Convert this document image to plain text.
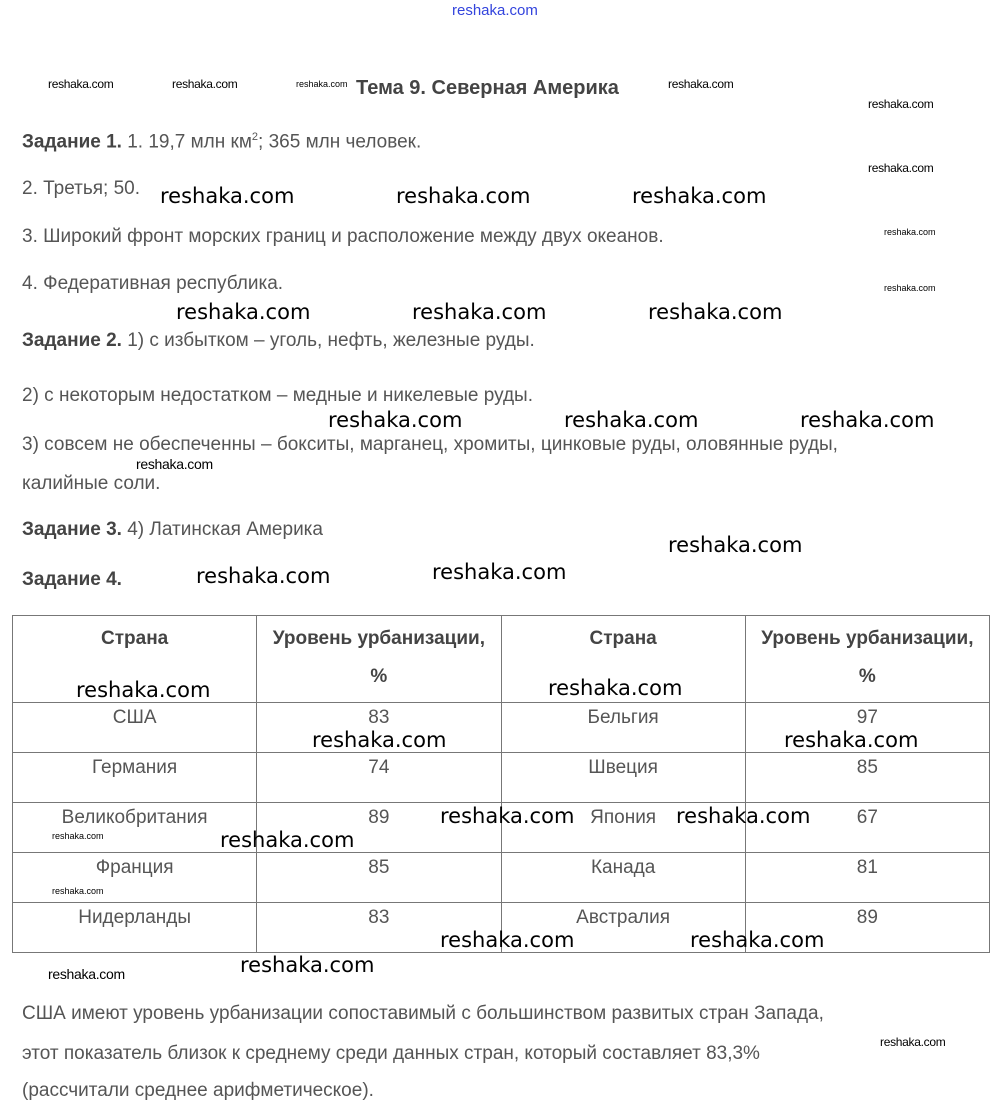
reshaka.com
Тема 9. Северная Америка
Задание 1. 1. 19,7 млн $км^2$; 365 млн человек.
2. Третья; 50.
3. Широкий фронт морских границ и расположение между двух океанов.
4. Федеративная республика.
Задание 2. 1) с избытком – уголь, нефть, железные руды.
2) с некоторым недостатком – медные и никелевые руды.
3) совсем не обеспеченны – бокситы, марганец, хромиты, цинковые руды, оловянные руды,
калийные соли.
Задание 3. 4) Латинская Америка
Задание 4.
Страна	Уровень урбанизации, %	Страна	Уровень урбанизации, %
США	83	Бельгия	97
Германия	74	Швеция	85
Великобритания	89	Япония	67
Франция	85	Канада	81
Нидерланды	83	Австралия	89
США имеют уровень урбанизации сопоставимый с большинством развитых стран Запада,
этот показатель близок к среднему среди данных стран, который составляет 83,3%
(рассчитали среднее арифметическое).
reshaka.com	reshaka.com	reshaka.com	reshaka.com
reshaka.com
reshaka.com
reshaka.com
reshaka.com
reshaka.com	reshaka.com	reshaka.com
reshaka.com	reshaka.com	reshaka.com
reshaka.com	reshaka.com	reshaka.com
reshaka.com
reshaka.com
reshaka.com	reshaka.com
reshaka.com
reshaka.com
reshaka.com
reshaka.com
reshaka.com	reshaka.com
reshaka.com	reshaka.com
reshaka.com
reshaka.com	reshaka.com
reshaka.com
reshaka.com
reshaka.com
